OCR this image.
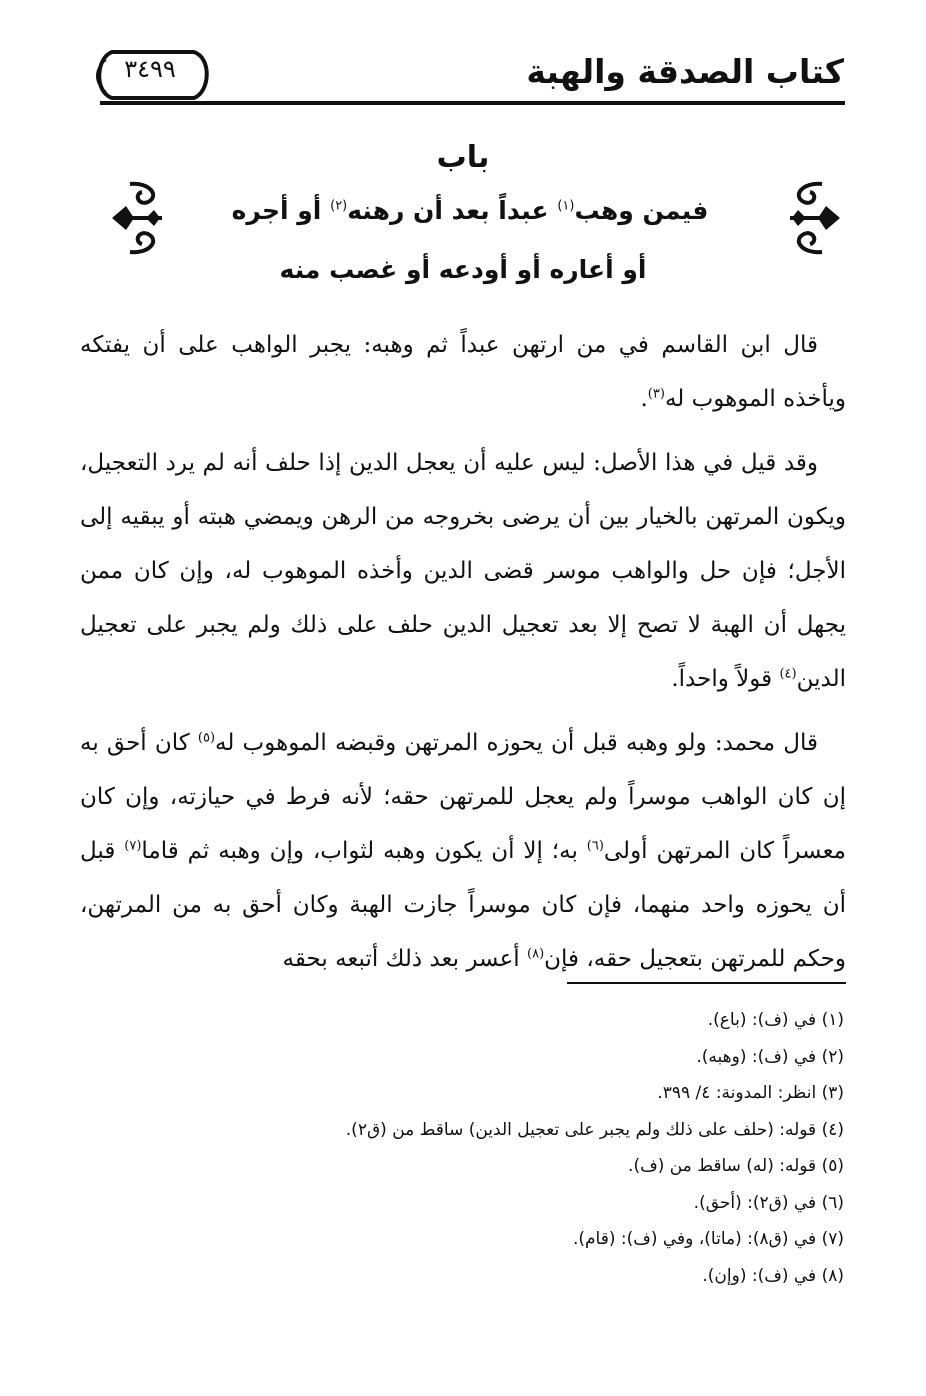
٣٤٩٩	كتاب الصدقة والهبة
باب
فيمن وهب$^{(١)}$ عبداً بعد أن رهنه$^{(٢)}$ أو أجره
أو أعاره أو أودعه أو غصب منه

قال ابن القاسم في من ارتهن عبداً ثم وهبه: يجبر الواهب على أن يفتكه ويأخذه الموهوب له$^{(٣)}$.

وقد قيل في هذا الأصل: ليس عليه أن يعجل الدين إذا حلف أنه لم يرد التعجيل، ويكون المرتهن بالخيار بين أن يرضى بخروجه من الرهن ويمضي هبته أو يبقيه إلى الأجل؛ فإن حل والواهب موسر قضى الدين وأخذه الموهوب له، وإن كان ممن يجهل أن الهبة لا تصح إلا بعد تعجيل الدين حلف على ذلك ولم يجبر على تعجيل الدين$^{(٤)}$ قولاً واحداً.

قال محمد: ولو وهبه قبل أن يحوزه المرتهن وقبضه الموهوب له$^{(٥)}$ كان أحق به إن كان الواهب موسراً ولم يعجل للمرتهن حقه؛ لأنه فرط في حيازته، وإن كان معسراً كان المرتهن أولى$^{(٦)}$ به؛ إلا أن يكون وهبه لثواب، وإن وهبه ثم قاما$^{(٧)}$ قبل أن يحوزه واحد منهما، فإن كان موسراً جازت الهبة وكان أحق به من المرتهن، وحكم للمرتهن بتعجيل حقه، فإن$^{(٨)}$ أعسر بعد ذلك أتبعه بحقه

(١) في (ف): (باع).
(٢) في (ف): (وهبه).
(٣) انظر: المدونة: ٤/ ٣٩٩.
(٤) قوله: (حلف على ذلك ولم يجبر على تعجيل الدين) ساقط من (ق٢).
(٥) قوله: (له) ساقط من (ف).
(٦) في (ق٢): (أحق).
(٧) في (ق٨): (ماتا)، وفي (ف): (قام).
(٨) في (ف): (وإن).
